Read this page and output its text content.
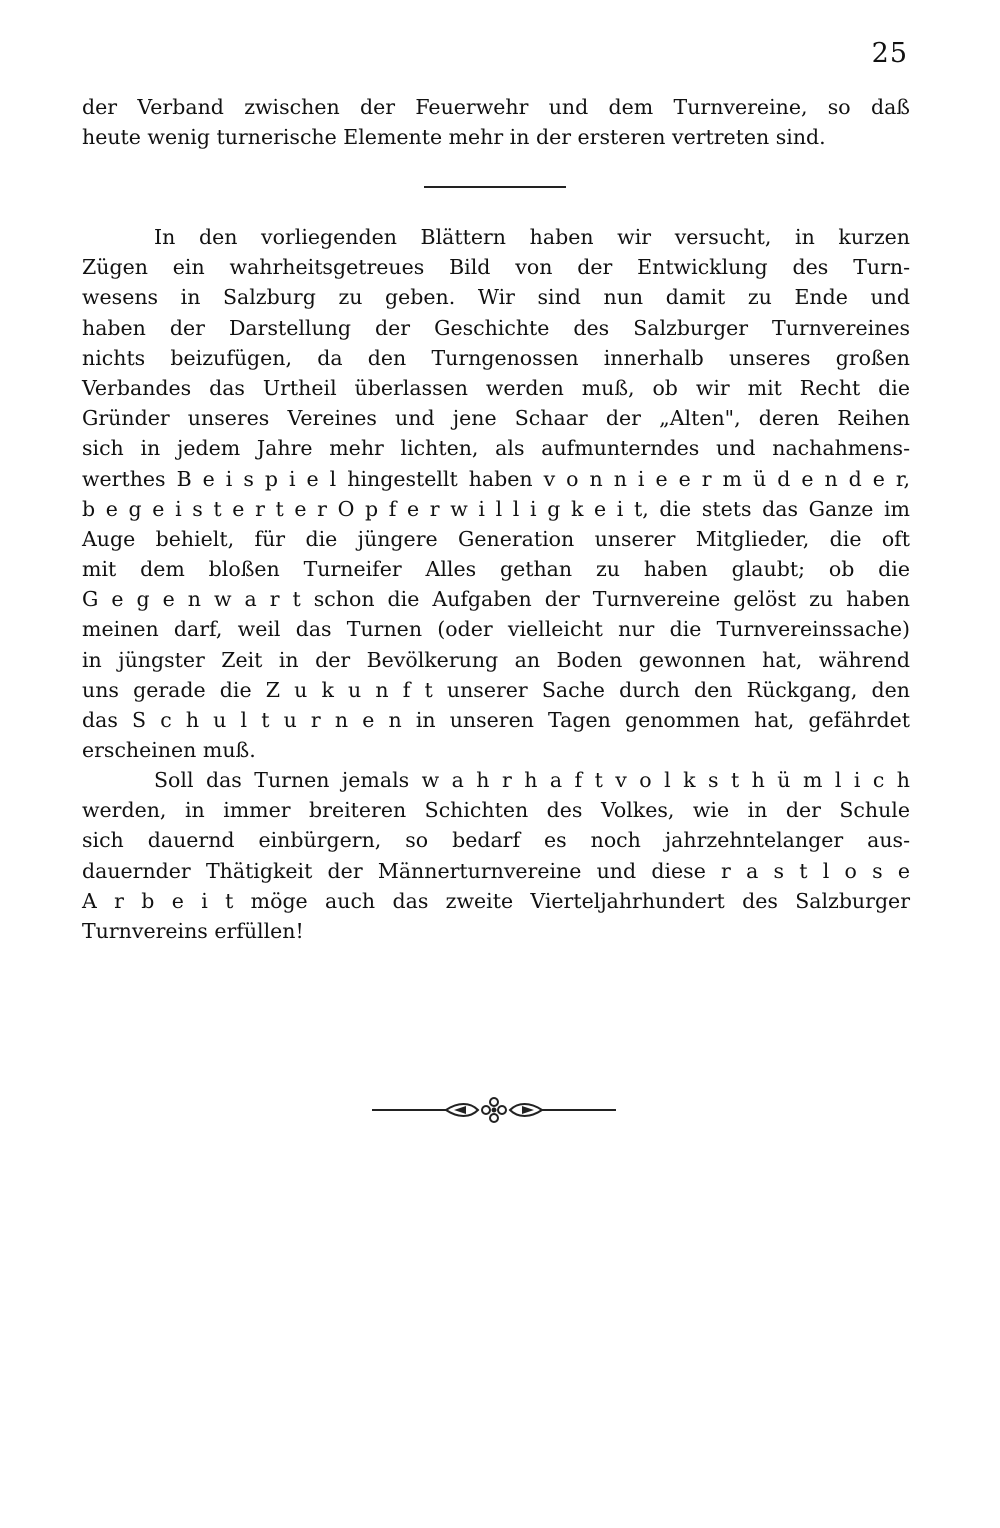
25
der Verband zwischen der Feuerwehr und dem Turnvereine, so daß
heute wenig turnerische Elemente mehr in der ersteren vertreten sind.
In den vorliegenden Blättern haben wir versucht, in kurzen
Zügen ein wahrheitsgetreues Bild von der Entwicklung des Turn-
wesens in Salzburg zu geben. Wir sind nun damit zu Ende und
haben der Darstellung der Geschichte des Salzburger Turnvereines
nichts beizufügen, da den Turngenossen innerhalb unseres großen
Verbandes das Urtheil überlassen werden muß, ob wir mit Recht die
Gründer unseres Vereines und jene Schaar der „Alten", deren Reihen
sich in jedem Jahre mehr lichten, als aufmunterndes und nachahmens-
werthes B e i s p i e l hingestellt haben v o n n i e e r m ü d e n d e r,
b e g e i s t e r t e r O p f e r w i l l i g k e i t, die stets das Ganze im
Auge behielt, für die jüngere Generation unserer Mitglieder, die oft
mit dem bloßen Turneifer Alles gethan zu haben glaubt; ob die
G e g e n w a r t schon die Aufgaben der Turnvereine gelöst zu haben
meinen darf, weil das Turnen (oder vielleicht nur die Turnvereinssache)
in jüngster Zeit in der Bevölkerung an Boden gewonnen hat, während
uns gerade die Z u k u n f t unserer Sache durch den Rückgang, den
das S c h u l t u r n e n in unseren Tagen genommen hat, gefährdet
erscheinen muß.
Soll das Turnen jemals w a h r h a f t v o l k s t h ü m l i c h
werden, in immer breiteren Schichten des Volkes, wie in der Schule
sich dauernd einbürgern, so bedarf es noch jahrzehntelanger aus-
dauernder Thätigkeit der Männerturnvereine und diese r a s t l o s e
A r b e i t möge auch das zweite Vierteljahrhundert des Salzburger
Turnvereins erfüllen!
